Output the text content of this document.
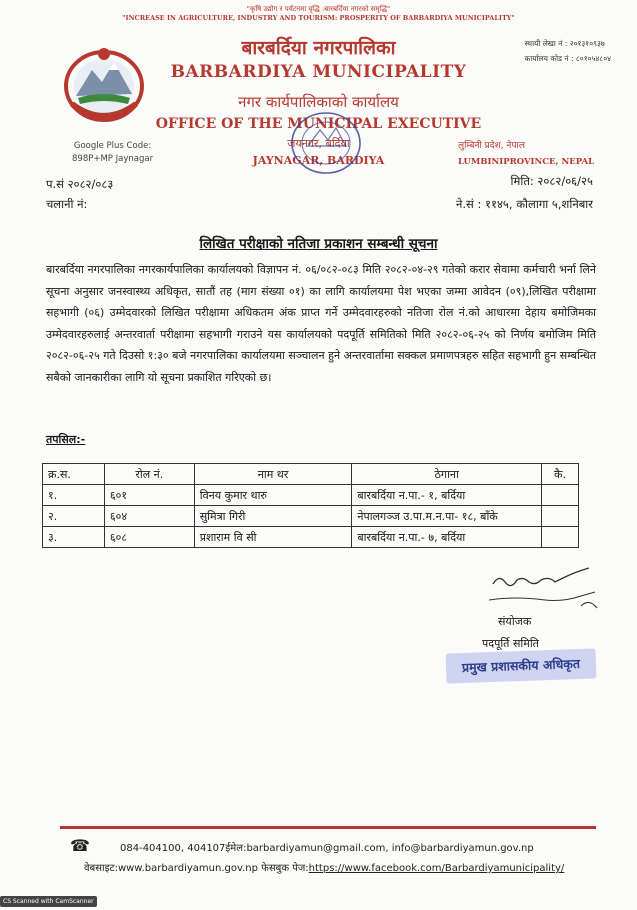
"कृषि उद्योग र पर्यटनमा वृद्धि :बारबर्दिया नगरको समृद्धि"
"INCREASE IN AGRICULTURE, INDUSTRY AND TOURISM: PROSPERITY OF BARBARDIYA MUNICIPALITY"
बारबर्दिया नगरपालिका
BARBARDIYA MUNICIPALITY
नगर कार्यपालिकाको कार्यालय
OFFICE OF THE MUNICIPAL EXECUTIVE
जयनगर, बर्दिया
JAYNAGAR, BARDIYA
स्थायी लेखा नं : २०१३१०९३७
कार्यालय कोड नं : ८०१०५४८०४
Google Plus Code:
898P+MP Jaynagar
लुम्बिनी प्रदेश, नेपाल
LUMBINIPROVINCE, NEPAL
प.सं २०८२/०८३
चलानी नं:
मिति: २०८२/०६/२५
ने.सं : ११४५, कौलागा ५,शनिबार
लिखित परीक्षाको नतिजा प्रकाशन सम्बन्धी सूचना
बारबर्दिया नगरपालिका नगरकार्यपालिका कार्यालयको विज्ञापन नं. ०६/०८२-०८३ मिति २०८२-०४-२९ गतेको करार सेवामा कर्मचारी भर्ना लिने सूचना अनुसार जनस्वास्थ्य अधिकृत, सातौं तह (माग संख्या ०१) का लागि कार्यालयमा पेश भएका जम्मा आवेदन (०९),लिखित परीक्षामा सहभागी (०६) उम्मेदवारको लिखित परीक्षामा अधिकतम अंक प्राप्त गर्ने उम्मेदवारहरुको नतिजा रोल नं.को आधारमा देहाय बमोजिमका उम्मेदवारहरुलाई अन्तरवार्ता परीक्षामा सहभागी गराउने यस कार्यालयको पदपूर्ति समितिको मिति २०८२-०६-२५ को निर्णय बमोजिम मिति २०८२-०६-२५ गते दिउसो १:३० बजे नगरपालिका कार्यालयमा सञ्चालन हुने अन्तरवार्तामा सक्कल प्रमाणपत्रहरु सहित सहभागी हुन सम्बन्धित सबैको जानकारीका लागि यो सूचना प्रकाशित गरिएको छ।
तपसिल:-
क्र.स.	रोल नं.	नाम थर	ठेगाना	कै.
१.	६०१	विनय कुमार थारु	बारबर्दिया न.पा.- १, बर्दिया	
२.	६०४	सुमित्रा गिरी	नेपालगञ्ज उ.पा.म.न.पा- १८, बाँके	
३.	६०८	प्रशाराम वि सी	बारबर्दिया न.पा.- ७, बर्दिया	
संयोजक
पदपूर्ति समिति
प्रमुख प्रशासकीय अधिकृत
☎	084-404100, 404107ईमेल:barbardiyamun@gmail.com, info@barbardiyamun.gov.np
वेबसाइट:www.barbardiyamun.gov.np फेसबुक पेज:https://www.facebook.com/Barbardiyamunicipality/
CS Scanned with CamScanner
